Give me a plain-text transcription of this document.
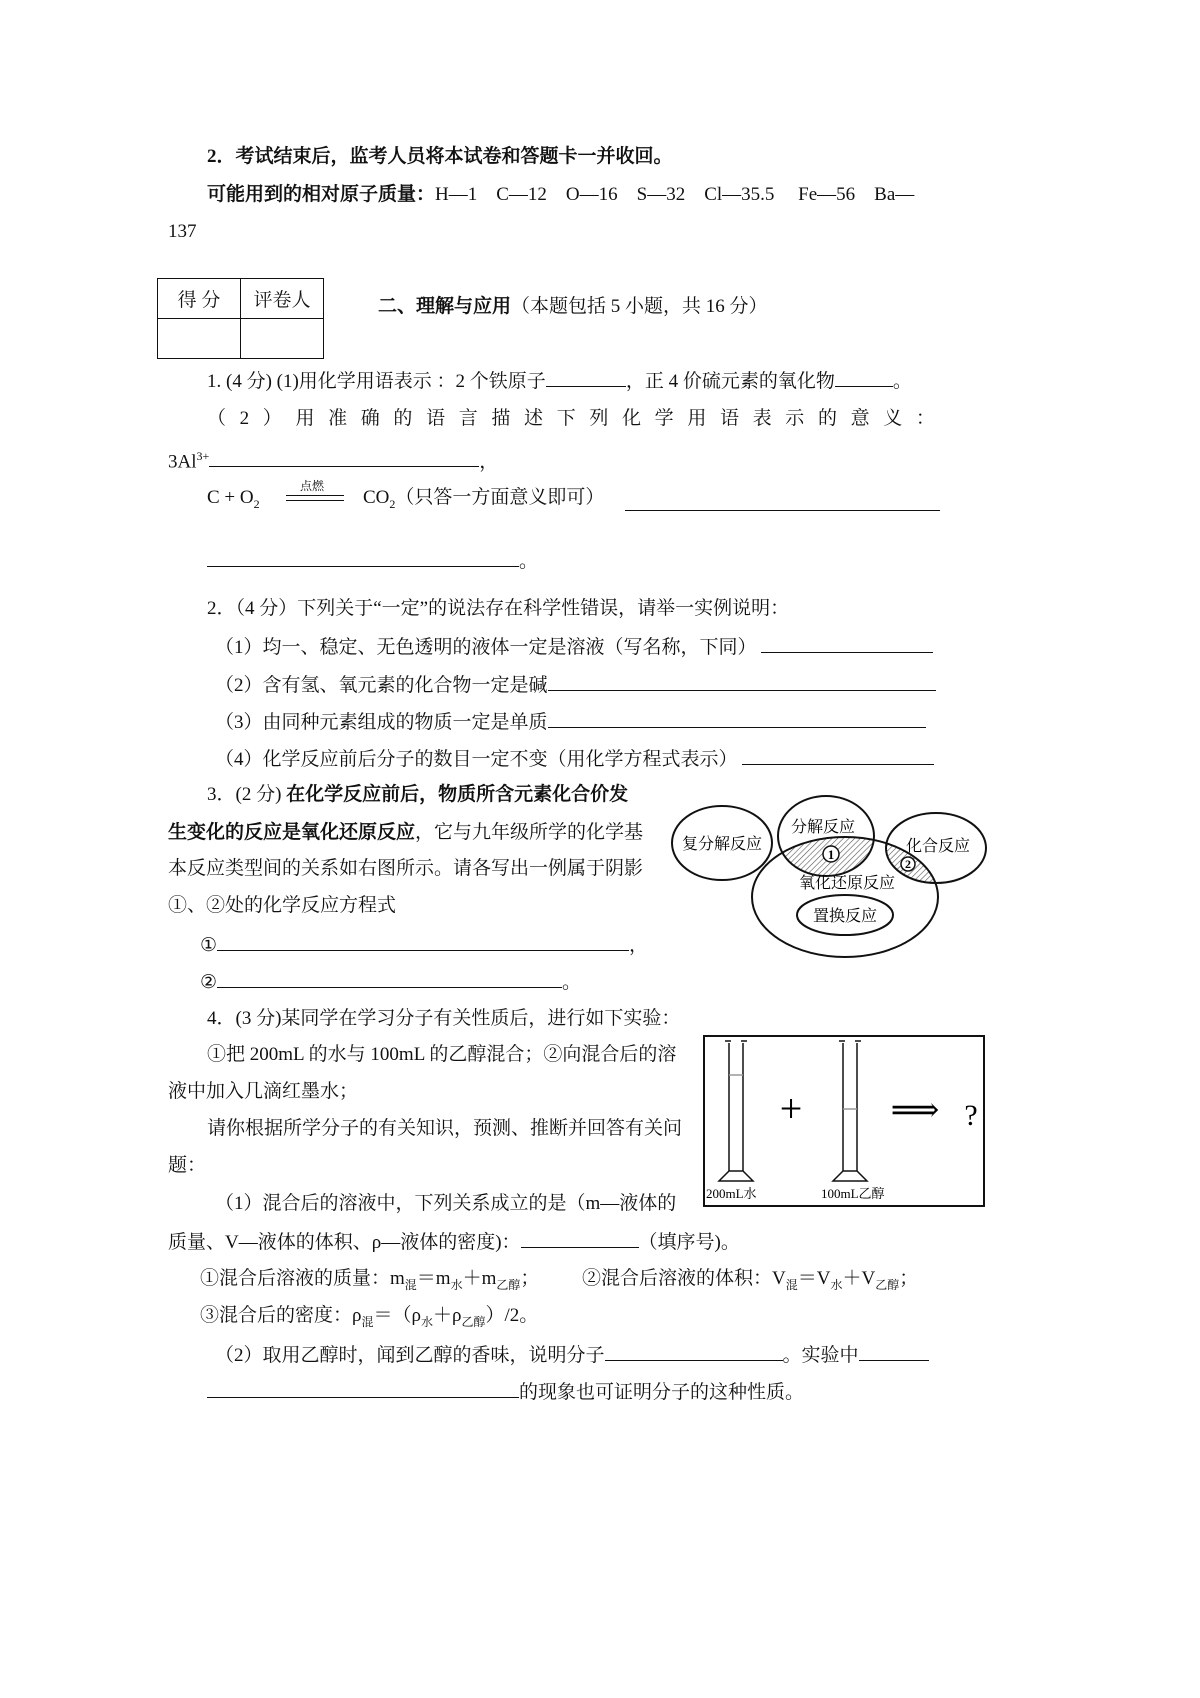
2．考试结束后，监考人员将本试卷和答题卡一并收回。
可能用到的相对原子质量：H—1　C—12　O—16　S—32　Cl—35.5　 Fe—56　Ba—
137
得 分	评卷人
		二、理解与应用（本题包括 5 小题，共 16 分）
1. (4 分) (1)用化学用语表示 ：2 个铁原子	，正 4 价硫元素的氧化物	。
（ 2 ） 用 准 确 的 语 言 描 述 下 列 化 学 用 语 表 示 的 意 义 ：
$3Al^{3+}$	，
点燃
$C + O_2$	$CO_2$（只答一方面意义即可）
。
2．（4 分）下列关于“一定”的说法存在科学性错误，请举一实例说明：
（1）均一、稳定、无色透明的液体一定是溶液（写名称，下同）
（2）含有氢、氧元素的化合物一定是碱
（3）由同种元素组成的物质一定是单质
（4）化学反应前后分子的数目一定不变（用化学方程式表示）
3．(2 分) 在化学反应前后，物质所含元素化合价发
生变化的反应是氧化还原反应，它与九年级所学的化学基
本反应类型间的关系如右图所示。请各写出一例属于阴影
①、②处的化学反应方程式
①	，
②	。
复分解反应
分解反应
化合反应
氧化还原反应
置换反应
1
2
4．(3 分)某同学在学习分子有关性质后，进行如下实验：
①把 200mL 的水与 100mL 的乙醇混合；②向混合后的溶
液中加入几滴红墨水；
请你根据所学分子的有关知识，预测、推断并回答有关问
题：
（1）混合后的溶液中，下列关系成立的是（m—液体的
质量、V—液体的体积、ρ—液体的密度)：	（填序号)。
①混合后溶液的质量：$m_混=m_水+m_{乙醇}$； ②混合后溶液的体积：$V_混=V_水+V_{乙醇}$；
③混合后的密度：$\rho_混=(\rho_水+\rho_{乙醇})/2$。
（2）取用乙醇时，闻到乙醇的香味，说明分子	。实验中
的现象也可证明分子的这种性质。
+	⟹ ?
200mL水	100mL乙醇
